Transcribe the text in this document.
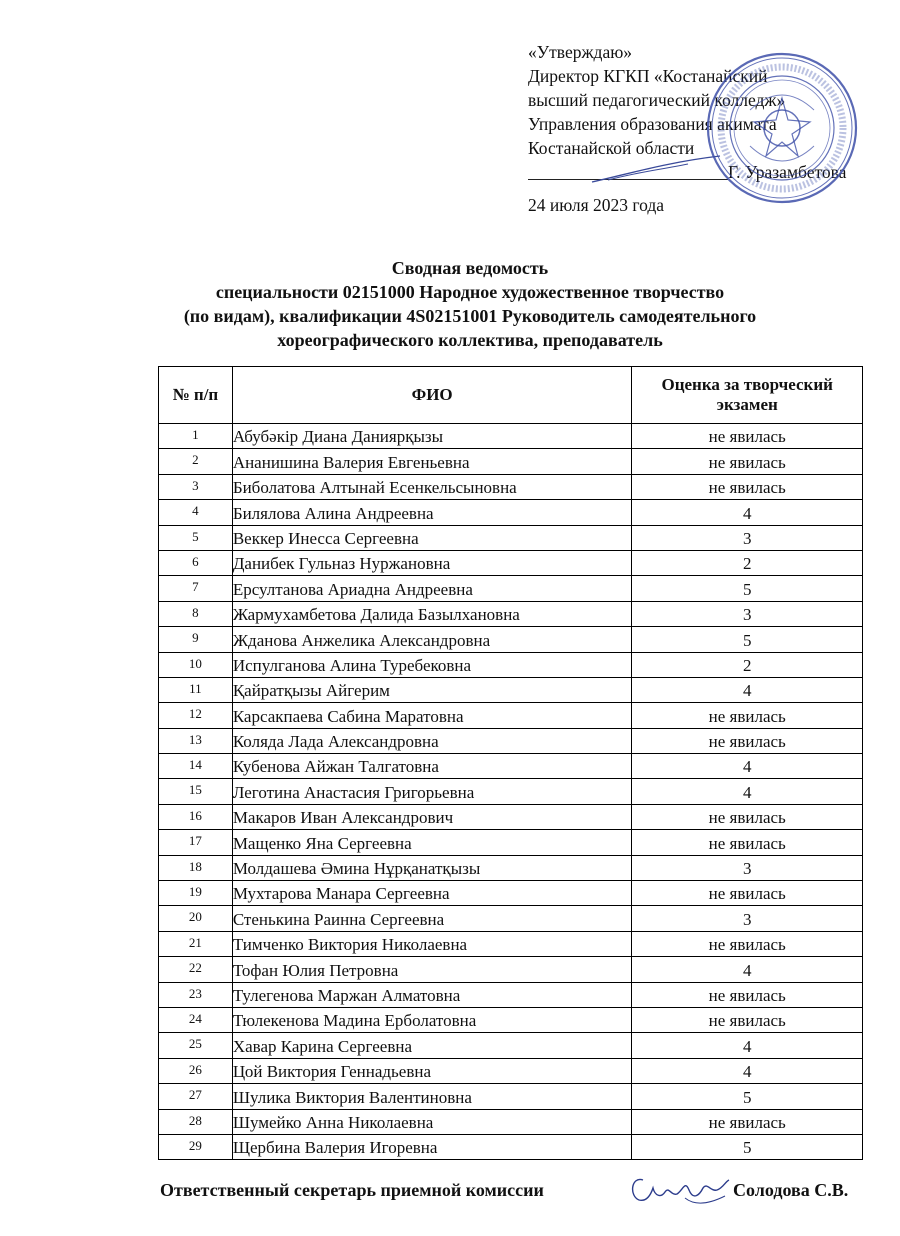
«Утверждаю»
Директор КГКП «Костанайский
высший педагогический колледж»
Управления образования акимата
Костанайской области
Г. Уразамбетова
24 июля 2023 года
Сводная ведомость
специальности 02151000 Народное художественное творчество
(по видам), квалификации 4S02151001 Руководитель самодеятельного
хореографического коллектива, преподаватель
№ п/п	ФИО	Оценка за творческий экзамен
1	Абубәкір Диана Даниярқызы	не явилась
2	Ананишина Валерия Евгеньевна	не явилась
3	Биболатова Алтынай Есенкельсыновна	не явилась
4	Билялова Алина Андреевна	4
5	Веккер Инесса Сергеевна	3
6	Данибек Гульназ Нуржановна	2
7	Ерсултанова Ариадна Андреевна	5
8	Жармухамбетова Далида Базылхановна	3
9	Жданова Анжелика Александровна	5
10	Испулганова Алина Туребековна	2
11	Қайратқызы Айгерим	4
12	Карсакпаева Сабина Маратовна	не явилась
13	Коляда Лада Александровна	не явилась
14	Кубенова Айжан Талгатовна	4
15	Леготина Анастасия Григорьевна	4
16	Макаров Иван Александрович	не явилась
17	Мащенко Яна Сергеевна	не явилась
18	Молдашева Әмина Нұрқанатқызы	3
19	Мухтарова Манара Сергеевна	не явилась
20	Стенькина Раинна Сергеевна	3
21	Тимченко Виктория Николаевна	не явилась
22	Тофан Юлия Петровна	4
23	Тулегенова Маржан Алматовна	не явилась
24	Тюлекенова Мадина Ерболатовна	не явилась
25	Хавар Карина Сергеевна	4
26	Цой Виктория Геннадьевна	4
27	Шулика Виктория Валентиновна	5
28	Шумейко Анна Николаевна	не явилась
29	Щербина Валерия Игоревна	5
Ответственный секретарь приемной комиссии	Солодова С.В.
